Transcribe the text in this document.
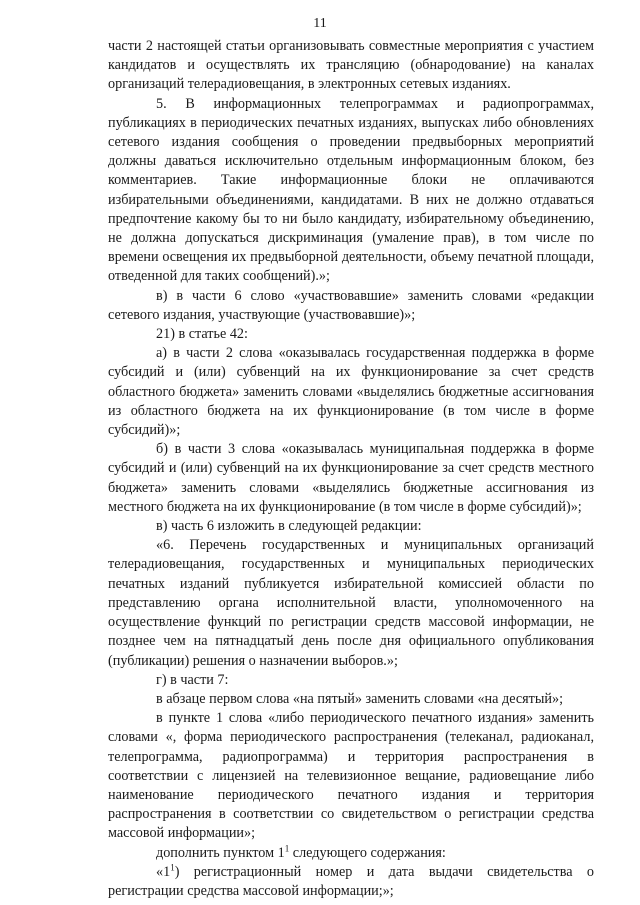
11

части 2 настоящей статьи организовывать совместные мероприятия с участием кандидатов и осуществлять их трансляцию (обнародование) на каналах организаций телерадиовещания, в электронных сетевых изданиях.

5. В информационных телепрограммах и радиопрограммах, публикациях в периодических печатных изданиях, выпусках либо обновлениях сетевого издания сообщения о проведении предвыборных мероприятий должны даваться исключительно отдельным информационным блоком, без комментариев. Такие информационные блоки не оплачиваются избирательными объединениями, кандидатами. В них не должно отдаваться предпочтение какому бы то ни было кандидату, избирательному объединению, не должна допускаться дискриминация (умаление прав), в том числе по времени освещения их предвыборной деятельности, объему печатной площади, отведенной для таких сообщений).»;

в) в части 6 слово «участвовавшие» заменить словами «редакции сетевого издания, участвующие (участвовавшие)»;

21) в статье 42:

а) в части 2 слова «оказывалась государственная поддержка в форме субсидий и (или) субвенций на их функционирование за счет средств областного бюджета» заменить словами «выделялись бюджетные ассигнования из областного бюджета на их функционирование (в том числе в форме субсидий)»;

б) в части 3 слова «оказывалась муниципальная поддержка в форме субсидий и (или) субвенций на их функционирование за счет средств местного бюджета» заменить словами «выделялись бюджетные ассигнования из местного бюджета на их функционирование (в том числе в форме субсидий)»;

в) часть 6 изложить в следующей редакции:

«6. Перечень государственных и муниципальных организаций телерадиовещания, государственных и муниципальных периодических печатных изданий публикуется избирательной комиссией области по представлению органа исполнительной власти, уполномоченного на осуществление функций по регистрации средств массовой информации, не позднее чем на пятнадцатый день после дня официального опубликования (публикации) решения о назначении выборов.»;

г) в части 7:

в абзаце первом слова «на пятый» заменить словами «на десятый»;

в пункте 1 слова «либо периодического печатного издания» заменить словами «, форма периодического распространения (телеканал, радиоканал, телепрограмма, радиопрограмма) и территория распространения в соответствии с лицензией на телевизионное вещание, радиовещание либо наименование периодического печатного издания и территория распространения в соответствии со свидетельством о регистрации средства массовой информации»;

дополнить пунктом $1^1$ следующего содержания:

«$1^1$) регистрационный номер и дата выдачи свидетельства о регистрации средства массовой информации;»;
